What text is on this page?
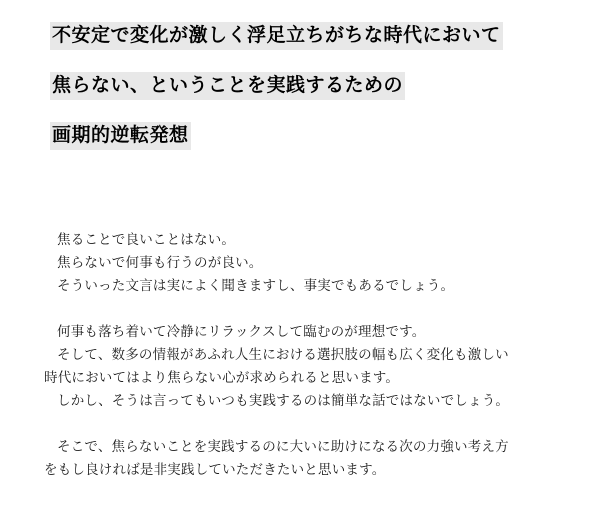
不安定で変化が激しく浮足立ちがちな時代において
焦らない、ということを実践するための
画期的逆転発想
焦ることで良いことはない。
焦らないで何事も行うのが良い。
そういった文言は実によく聞きますし、事実でもあるでしょう。
何事も落ち着いて冷静にリラックスして臨むのが理想です。
そして、数多の情報があふれ人生における選択肢の幅も広く変化も激しい
時代においてはより焦らない心が求められると思います。
しかし、そうは言ってもいつも実践するのは簡単な話ではないでしょう。
そこで、焦らないことを実践するのに大いに助けになる次の力強い考え方
をもし良ければ是非実践していただきたいと思います。
